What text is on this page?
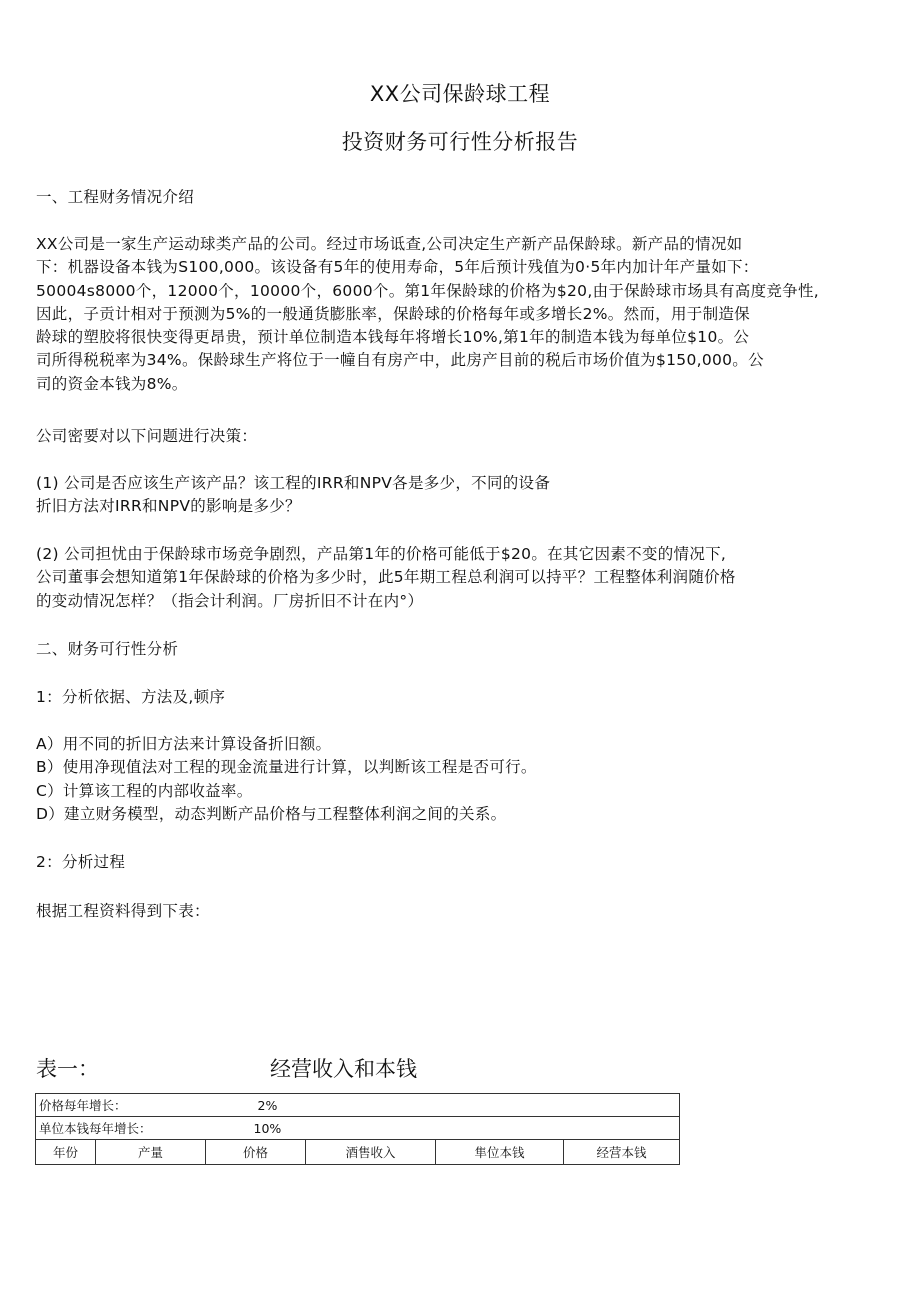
XX公司保龄球工程
投资财务可行性分析报告

一、工程财务情况介绍

XX公司是一家生产运动球类产品的公司。经过市场诋查,公司决定生产新产品保龄球。新产品的情况如
下：机器设备本钱为S100,000。该设备有5年的使用寿命，5年后预计残值为0·5年内加计年产量如下：
50004s8000个，12000个，10000个，6000个。第1年保龄球的价格为$20,由于保龄球市场具有高度竞争性,
因此，子贡计相对于预测为5%的一般通货膨胀率，保龄球的价格每年或多增长2%。然而，用于制造保
龄球的塑胶将很快变得更昂贵，预计单位制造本钱每年将增长10%,第1年的制造本钱为每单位$10。公
司所得税税率为34%。保龄球生产将位于一幢自有房产中，此房产目前的税后市场价值为$150,000。公
司的资金本钱为8%。

公司密要对以下问题进行决策：

(1) 公司是否应该生产该产品？该工程的IRR和NPV各是多少，不同的设备
折旧方法对IRR和NPV的影响是多少？
(2) 公司担忧由于保龄球市场竞争剧烈，产品第1年的价格可能低于$20。在其它因素不变的情况下,
公司董事会想知道第1年保龄球的价格为多少时，此5年期工程总利润可以持平？工程整体利润随价格
的变动情况怎样？（指会计利润。厂房折旧不计在内°）

二、财务可行性分析

1：分析依据、方法及,顿序

A）用不同的折旧方法来计算设备折旧额。
B）使用净现值法对工程的现金流量进行计算，以判断该工程是否可行。
C）计算该工程的内部收益率。
D）建立财务模型，动态判断产品价格与工程整体利润之间的关系。

2：分析过程

根据工程资料得到下表：

表一：	经营收入和本钱
价格每年增长：		2%			
单位本钱每年增长：		10%			
年份	产量	价格	酒售收入	隼位本钱	经营本钱
